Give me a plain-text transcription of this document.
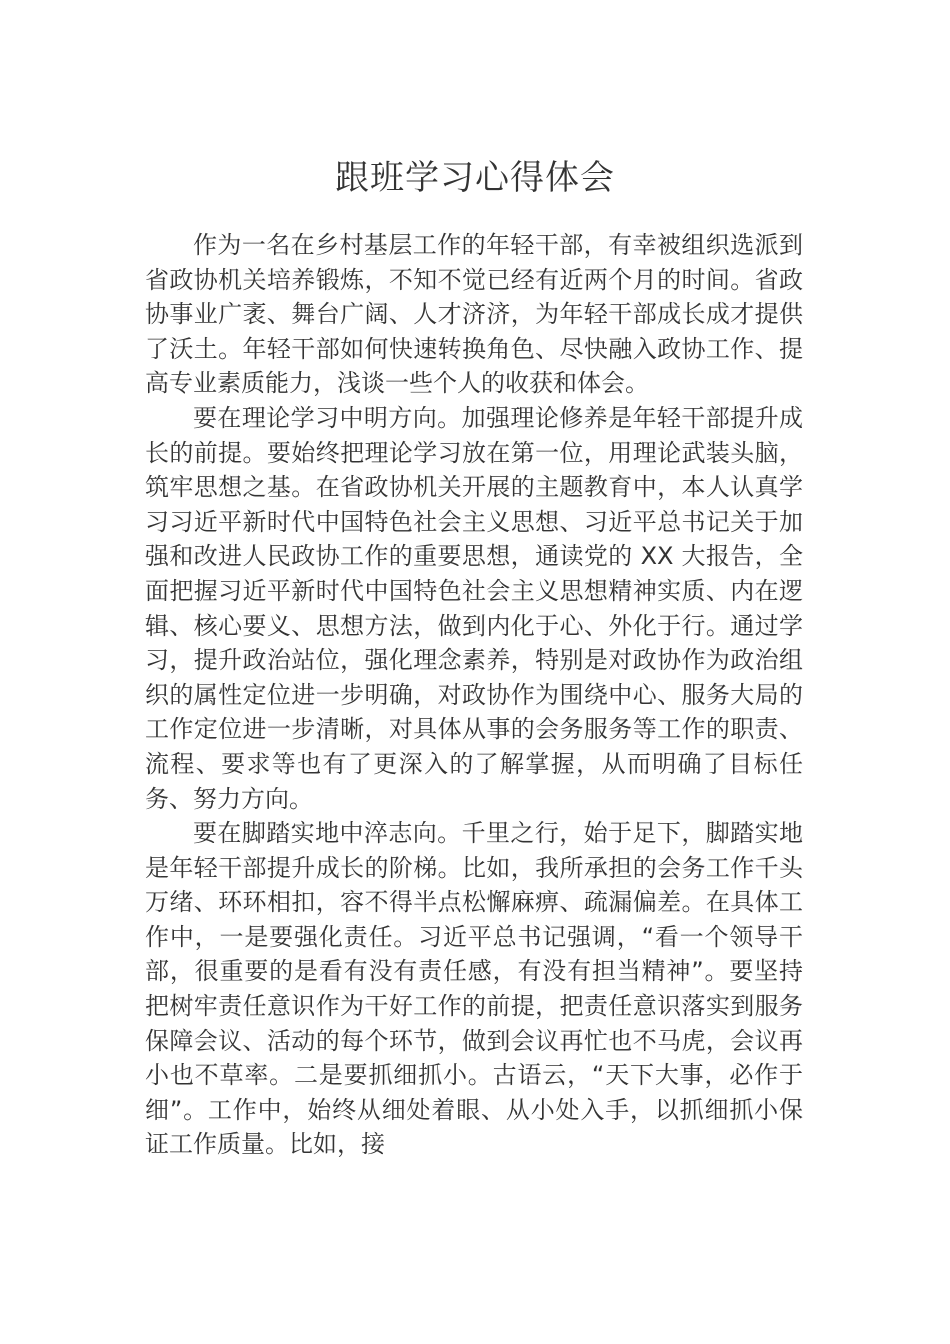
跟班学习心得体会

作为一名在乡村基层工作的年轻干部，有幸被组织选派到省政协机关培养锻炼，不知不觉已经有近两个月的时间。省政协事业广袤、舞台广阔、人才济济，为年轻干部成长成才提供了沃土。年轻干部如何快速转换角色、尽快融入政协工作、提高专业素质能力，浅谈一些个人的收获和体会。

要在理论学习中明方向。加强理论修养是年轻干部提升成长的前提。要始终把理论学习放在第一位，用理论武装头脑，筑牢思想之基。在省政协机关开展的主题教育中，本人认真学习习近平新时代中国特色社会主义思想、习近平总书记关于加强和改进人民政协工作的重要思想，通读党的 XX 大报告，全面把握习近平新时代中国特色社会主义思想精神实质、内在逻辑、核心要义、思想方法，做到内化于心、外化于行。通过学习，提升政治站位，强化理念素养，特别是对政协作为政治组织的属性定位进一步明确，对政协作为围绕中心、服务大局的工作定位进一步清晰，对具体从事的会务服务等工作的职责、流程、要求等也有了更深入的了解掌握，从而明确了目标任务、努力方向。

要在脚踏实地中淬志向。千里之行，始于足下，脚踏实地是年轻干部提升成长的阶梯。比如，我所承担的会务工作千头万绪、环环相扣，容不得半点松懈麻痹、疏漏偏差。在具体工作中，一是要强化责任。习近平总书记强调，“看一个领导干部，很重要的是看有没有责任感，有没有担当精神”。要坚持把树牢责任意识作为干好工作的前提，把责任意识落实到服务保障会议、活动的每个环节，做到会议再忙也不马虎，会议再小也不草率。二是要抓细抓小。古语云，“天下大事，必作于细”。工作中，始终从细处着眼、从小处入手，以抓细抓小保证工作质量。比如，接
